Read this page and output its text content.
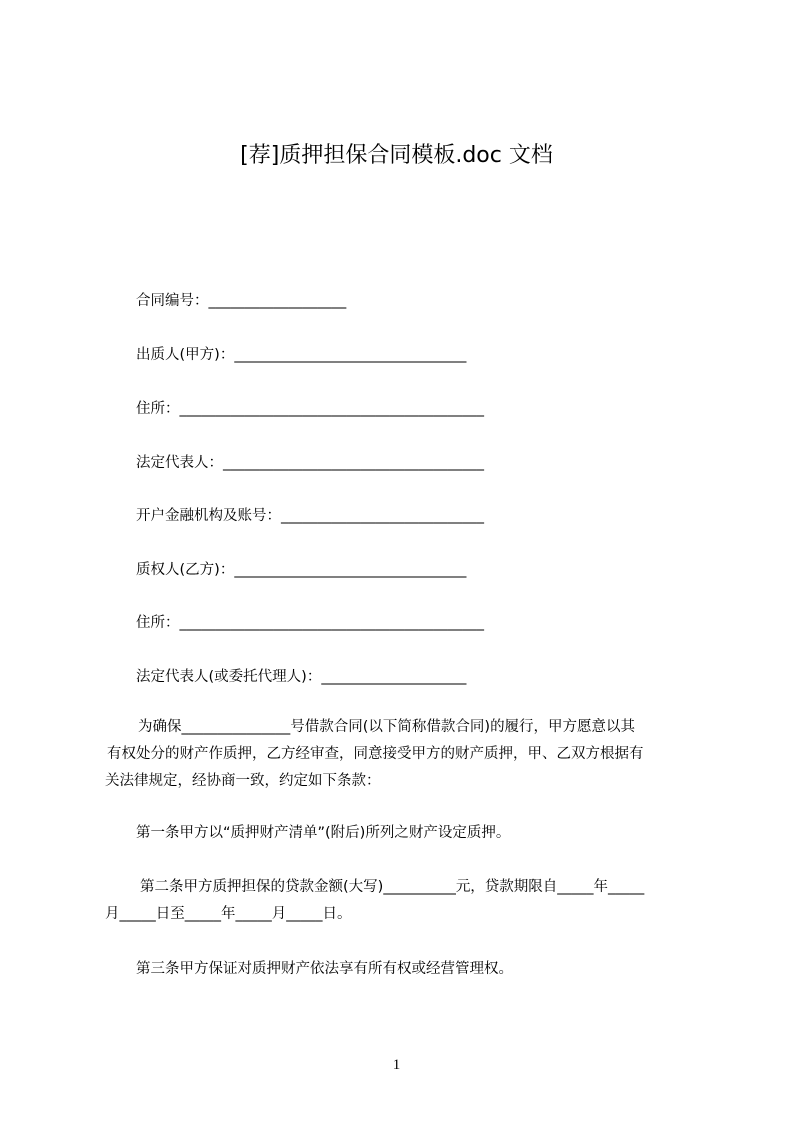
[荐]质押担保合同模板.doc 文档
合同编号：___________________
出质人(甲方)：________________________________
住所：__________________________________________
法定代表人：____________________________________
开户金融机构及账号：____________________________
质权人(乙方)：________________________________
住所：__________________________________________
法定代表人(或委托代理人)：____________________
为确保_______________号借款合同(以下简称借款合同)的履行，甲方愿意以其
有权处分的财产作质押，乙方经审查，同意接受甲方的财产质押，甲、乙双方根据有
关法律规定，经协商一致，约定如下条款：
第一条甲方以“质押财产清单”(附后)所列之财产设定质押。
第二条甲方质押担保的贷款金额(大写)__________元，贷款期限自_____年_____
月_____日至_____年_____月_____日。
第三条甲方保证对质押财产依法享有所有权或经营管理权。
1
